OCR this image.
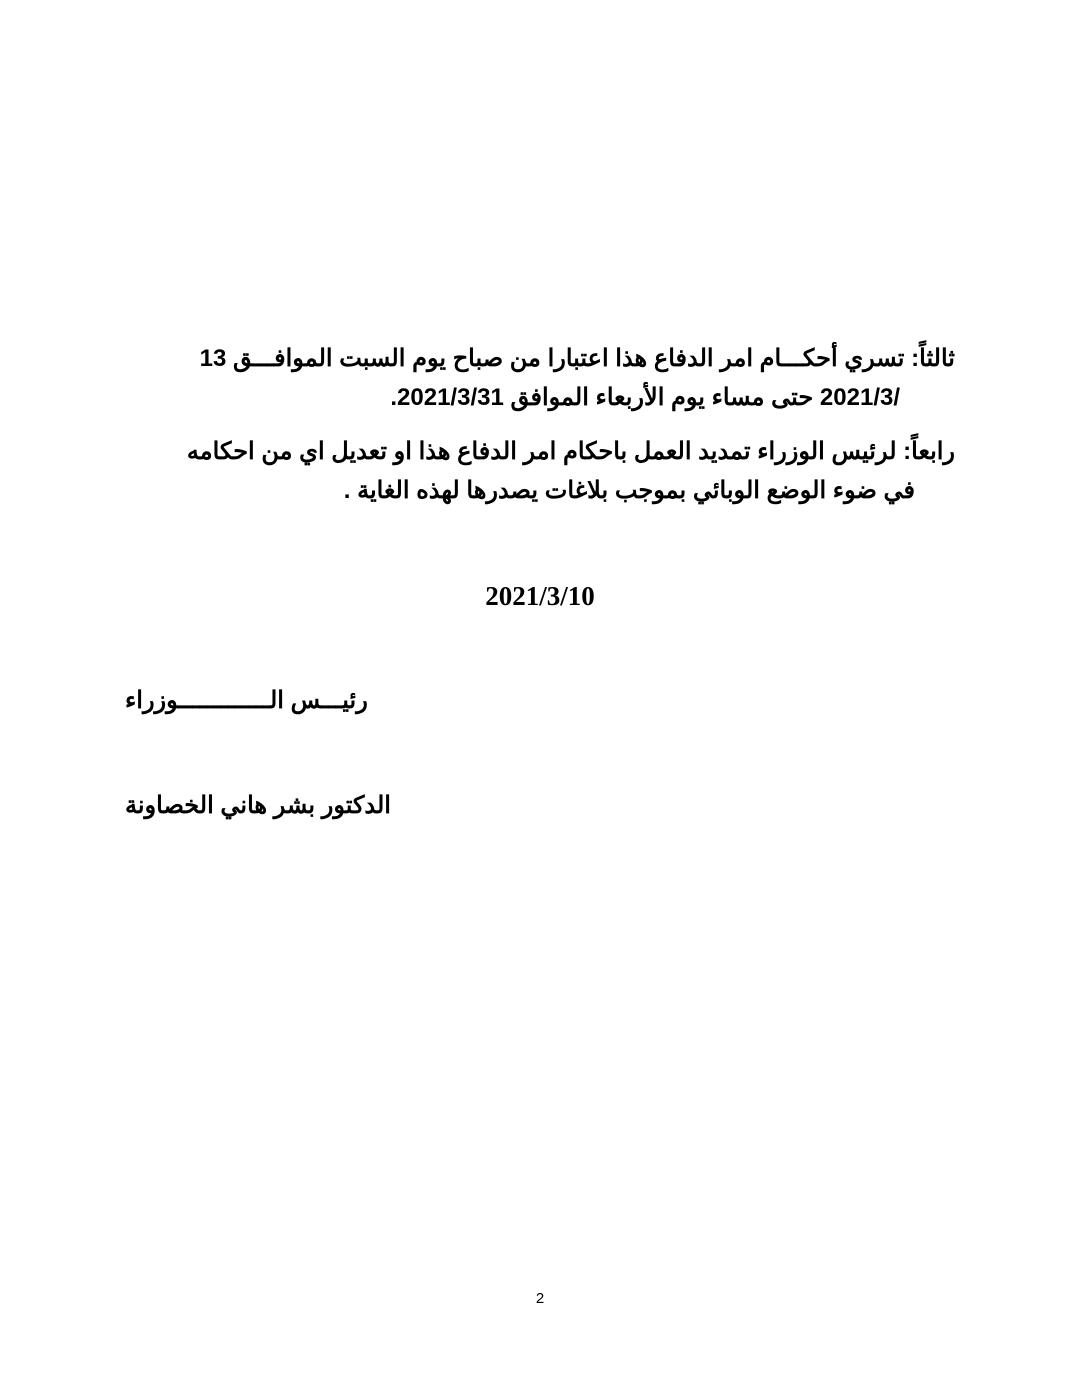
ثالثاً: تسري أحكـــام امر الدفاع هذا اعتبارا من صباح يوم السبت الموافـــق 13
/2021/3 حتى مساء يوم الأربعاء الموافق 2021/3/31.
رابعاً: لرئيس الوزراء تمديد العمل باحكام امر الدفاع هذا او تعديل اي من احكامه
في ضوء الوضع الوبائي بموجب بلاغات يصدرها لهذه الغاية .
2021/3/10
رئيـــس الـــــــــــــوزراء
الدكتور بشر هاني الخصاونة
2
